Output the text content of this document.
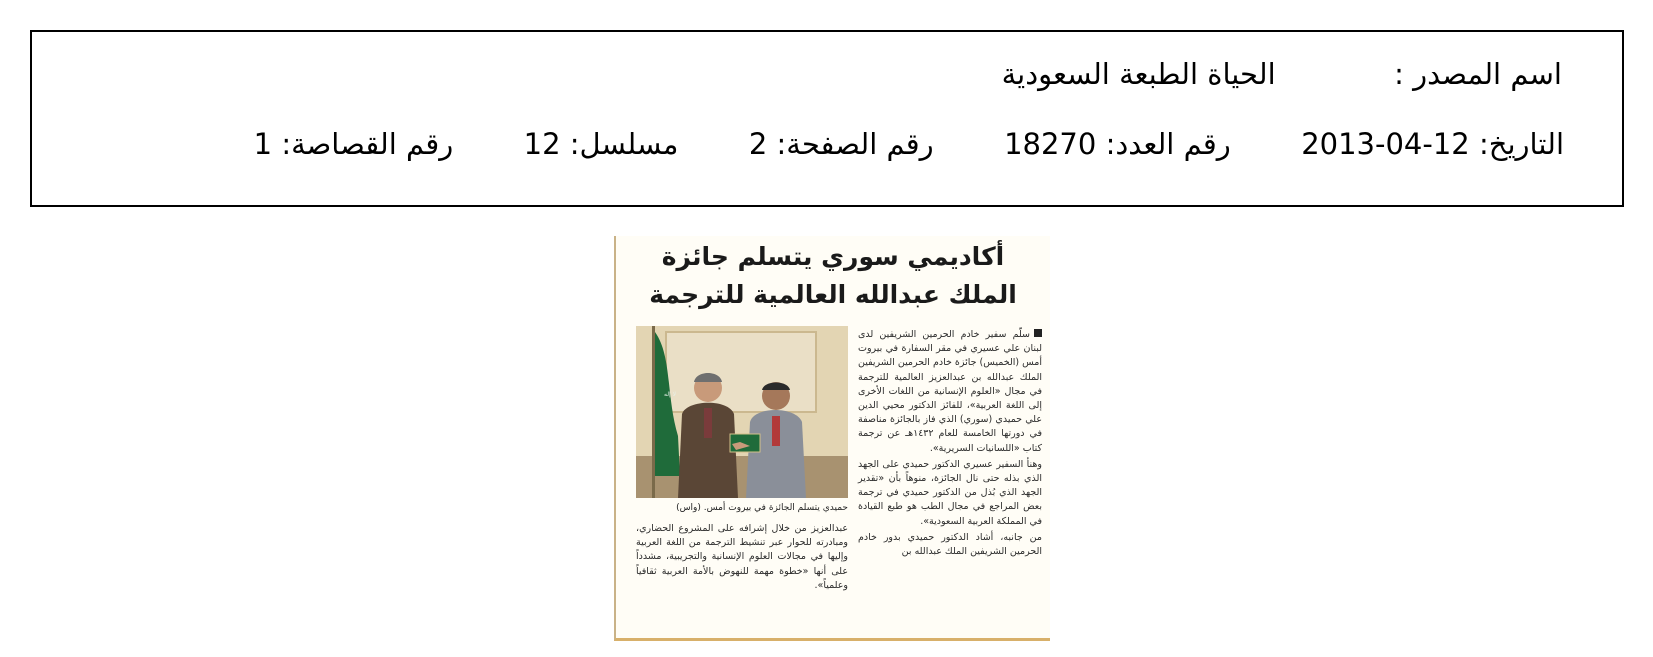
اسم المصدر :  الحياة الطبعة السعودية
التاريخ: 2013-04-12  رقم العدد: 18270  رقم الصفحة: 2  مسلسل: 12  رقم القصاصة: 1
أكاديمي سوري يتسلم جائزة
الملك عبدالله العالمية للترجمة
لا إله
حميدي يتسلم الجائزة في بيروت أمس. (واس)

سلّم سفير خادم الحرمين الشريفين لدى لبنان علي عسيري في مقر السفارة في بيروت أمس (الخميس) جائزة خادم الحرمين الشريفين الملك عبدالله بن عبدالعزيز العالمية للترجمة في مجال «العلوم الإنسانية من اللغات الأخرى إلى اللغة العربية»، للفائز الدكتور محيي الدين علي حميدي (سوري) الذي فاز بالجائزة مناصفة في دورتها الخامسة للعام ١٤٣٢هـ عن ترجمة كتاب «اللسانيات السريرية».

وهنأ السفير عسيري الدكتور حميدي على الجهد الذي بذله حتى نال الجائزة، منوهاً بأن «تقدير الجهد الذي بُذل من الدكتور حميدي في ترجمة بعض المراجع في مجال الطب هو طبع القيادة في المملكة العربية السعودية».

من جانبه، أشاد الدكتور حميدي بدور خادم الحرمين الشريفين الملك عبدالله بن

عبدالعزيز من خلال إشرافه على المشروع الحضاري، ومبادرته للحوار عبر تنشيط الترجمة من اللغة العربية وإليها في مجالات العلوم الإنسانية والتجريبية، مشدداً على أنها «خطوة مهمة للنهوض بالأمة العربية ثقافياً وعلمياً».
